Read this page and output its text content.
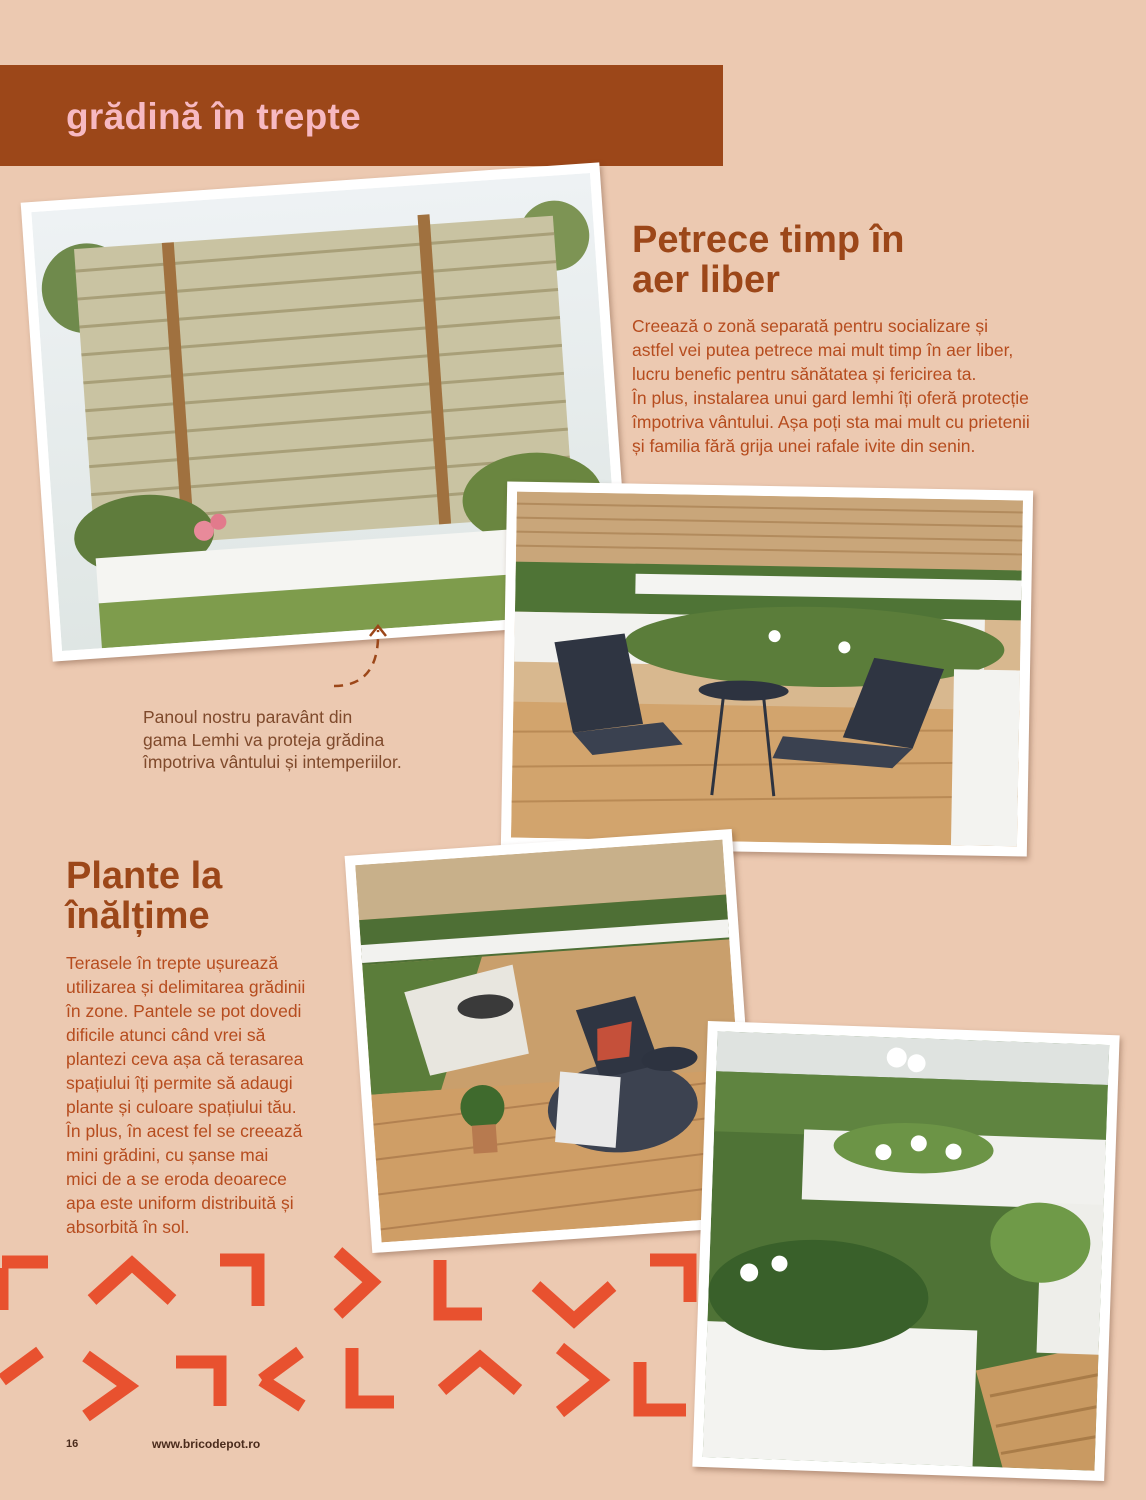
grădină în trepte
Panoul nostru paravânt din
gama Lemhi va proteja grădina
împotriva vântului și intemperiilor.
Petrece timp în
aer liber
Creează o zonă separată pentru socializare și
astfel vei putea petrece mai mult timp în aer liber,
lucru benefic pentru sănătatea și fericirea ta.
În plus, instalarea unui gard lemhi îți oferă protecție
împotriva vântului. Așa poți sta mai mult cu prietenii
și familia fără grija unei rafale ivite din senin.
Plante la
înălțime
Terasele în trepte ușurează
utilizarea și delimitarea grădinii
în zone. Pantele se pot dovedi
dificile atunci când vrei să
plantezi ceva așa că terasarea
spațiului îți permite să adaugi
plante și culoare spațiului tău.
În plus, în acest fel se creează
mini grădini, cu șanse mai
mici de a se eroda deoarece
apa este uniform distribuită și
absorbită în sol.
16	www.bricodepot.ro
